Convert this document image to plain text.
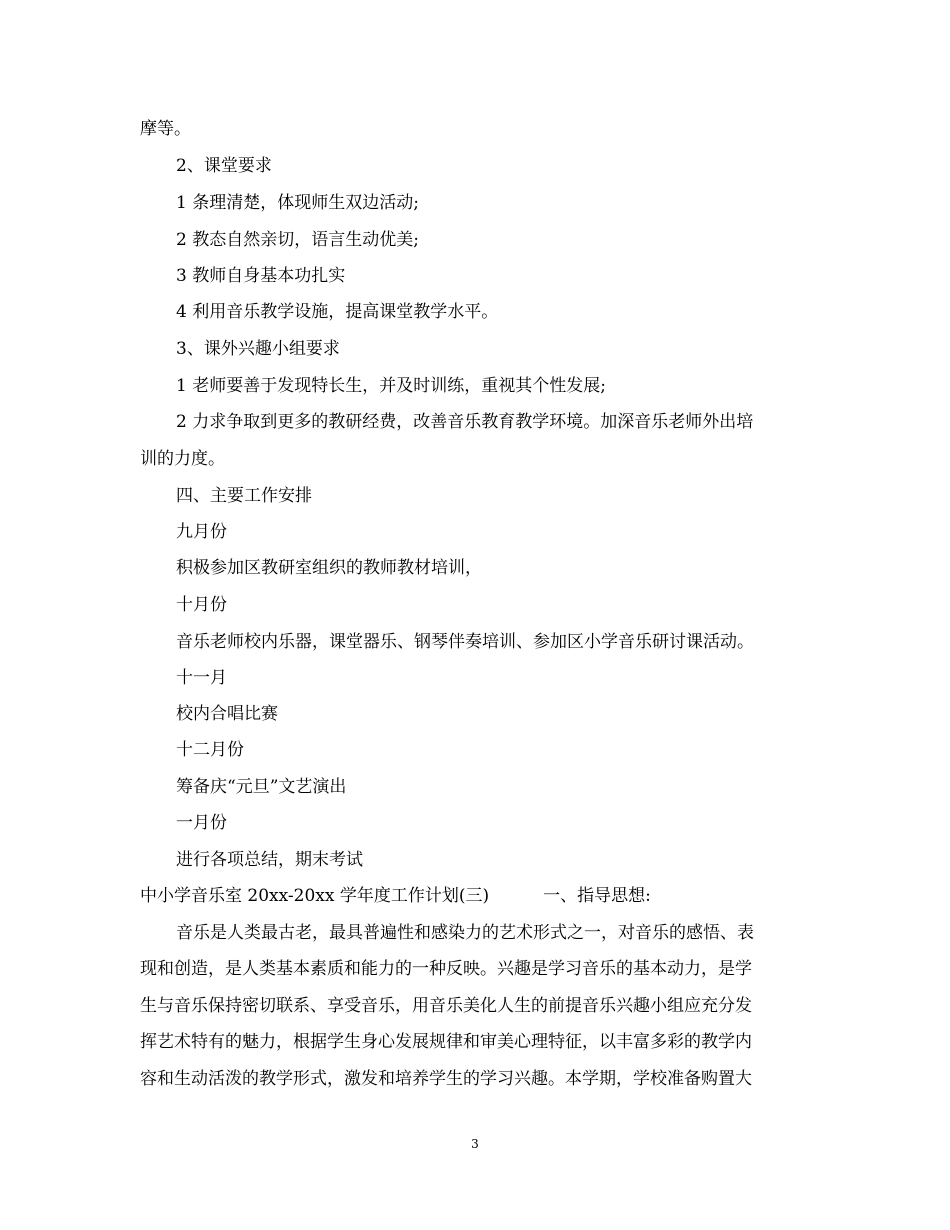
摩等。
2、课堂要求
1 条理清楚，体现师生双边活动;
2 教态自然亲切，语言生动优美;
3 教师自身基本功扎实
4 利用音乐教学设施，提高课堂教学水平。
3、课外兴趣小组要求
1 老师要善于发现特长生，并及时训练，重视其个性发展;
2 力求争取到更多的教研经费，改善音乐教育教学环境。加深音乐老师外出培
训的力度。
四、主要工作安排
九月份
积极参加区教研室组织的教师教材培训，
十月份
音乐老师校内乐器，课堂器乐、钢琴伴奏培训、参加区小学音乐研讨课活动。
十一月
校内合唱比赛
十二月份
筹备庆“元旦”文艺演出
一月份
进行各项总结，期末考试
中小学音乐室 20xx-20xx 学年度工作计划(三)	一、指导思想:
音乐是人类最古老，最具普遍性和感染力的艺术形式之一，对音乐的感悟、表
现和创造，是人类基本素质和能力的一种反映。兴趣是学习音乐的基本动力，是学
生与音乐保持密切联系、享受音乐，用音乐美化人生的前提音乐兴趣小组应充分发
挥艺术特有的魅力，根据学生身心发展规律和审美心理特征，以丰富多彩的教学内
容和生动活泼的教学形式，激发和培养学生的学习兴趣。本学期，学校准备购置大
3
